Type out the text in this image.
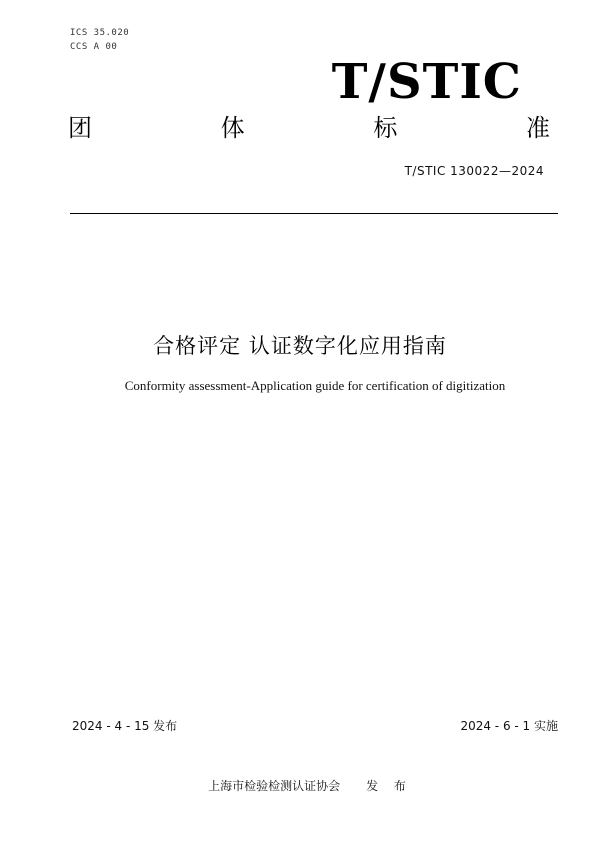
ICS 35.020
CCS A 00
T/STIC
团	体	标	准
T/STIC 130022—2024
合格评定 认证数字化应用指南
Conformity assessment-Application guide for certification of digitization
2024 - 4 - 15 发布	2024 - 6 - 1 实施
上海市检验检测认证协会 发 布
